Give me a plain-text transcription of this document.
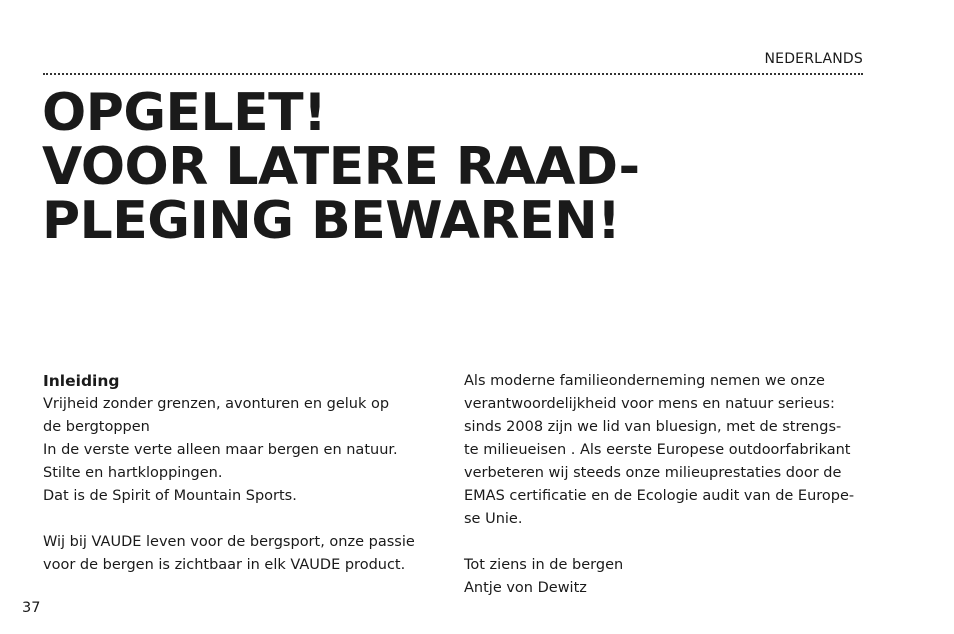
NEDERLANDS
OPGELET!
VOOR LATERE RAAD-
PLEGING BEWAREN!

Inleiding

Vrijheid zonder grenzen, avonturen en geluk op

de bergtoppen

In de verste verte alleen maar bergen en natuur.

Stilte en hartkloppingen.

Dat is de Spirit of Mountain Sports.

Wij bij VAUDE leven voor de bergsport, onze passie

voor de bergen is zichtbaar in elk VAUDE product.

Als moderne familieonderneming nemen we onze

verantwoordelijkheid voor mens en natuur serieus:

sinds 2008 zijn we lid van bluesign, met de strengs-

te milieueisen . Als eerste Europese outdoorfabrikant

verbeteren wij steeds onze milieuprestaties door de

EMAS certificatie en de Ecologie audit van de Europe-

se Unie.

Tot ziens in de bergen

Antje von Dewitz

37
